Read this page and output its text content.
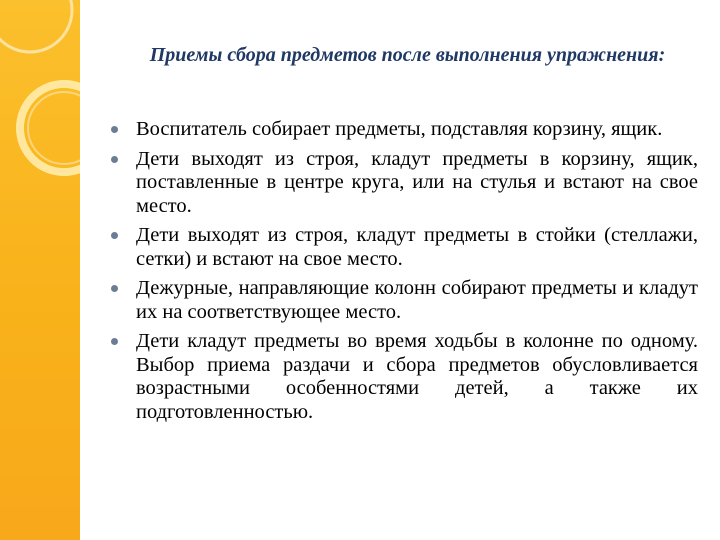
Приемы сбора предметов после выполнения упражнения:
Воспитатель собирает предметы, подставляя корзину, ящик.
Дети выходят из строя, кладут предметы в корзину, ящик, поставленные в центре круга, или на стулья и встают на свое место.
Дети выходят из строя, кладут предметы в стойки (стеллажи, сетки) и встают на свое место.
Дежурные, направляющие колонн собирают предметы и кладут их на соответствующее место.
Дети кладут предметы во время ходьбы в колонне по одному. Выбор приема раздачи и сбора предметов обусловливается возрастными особенностями детей, а также их подготовленностью.
